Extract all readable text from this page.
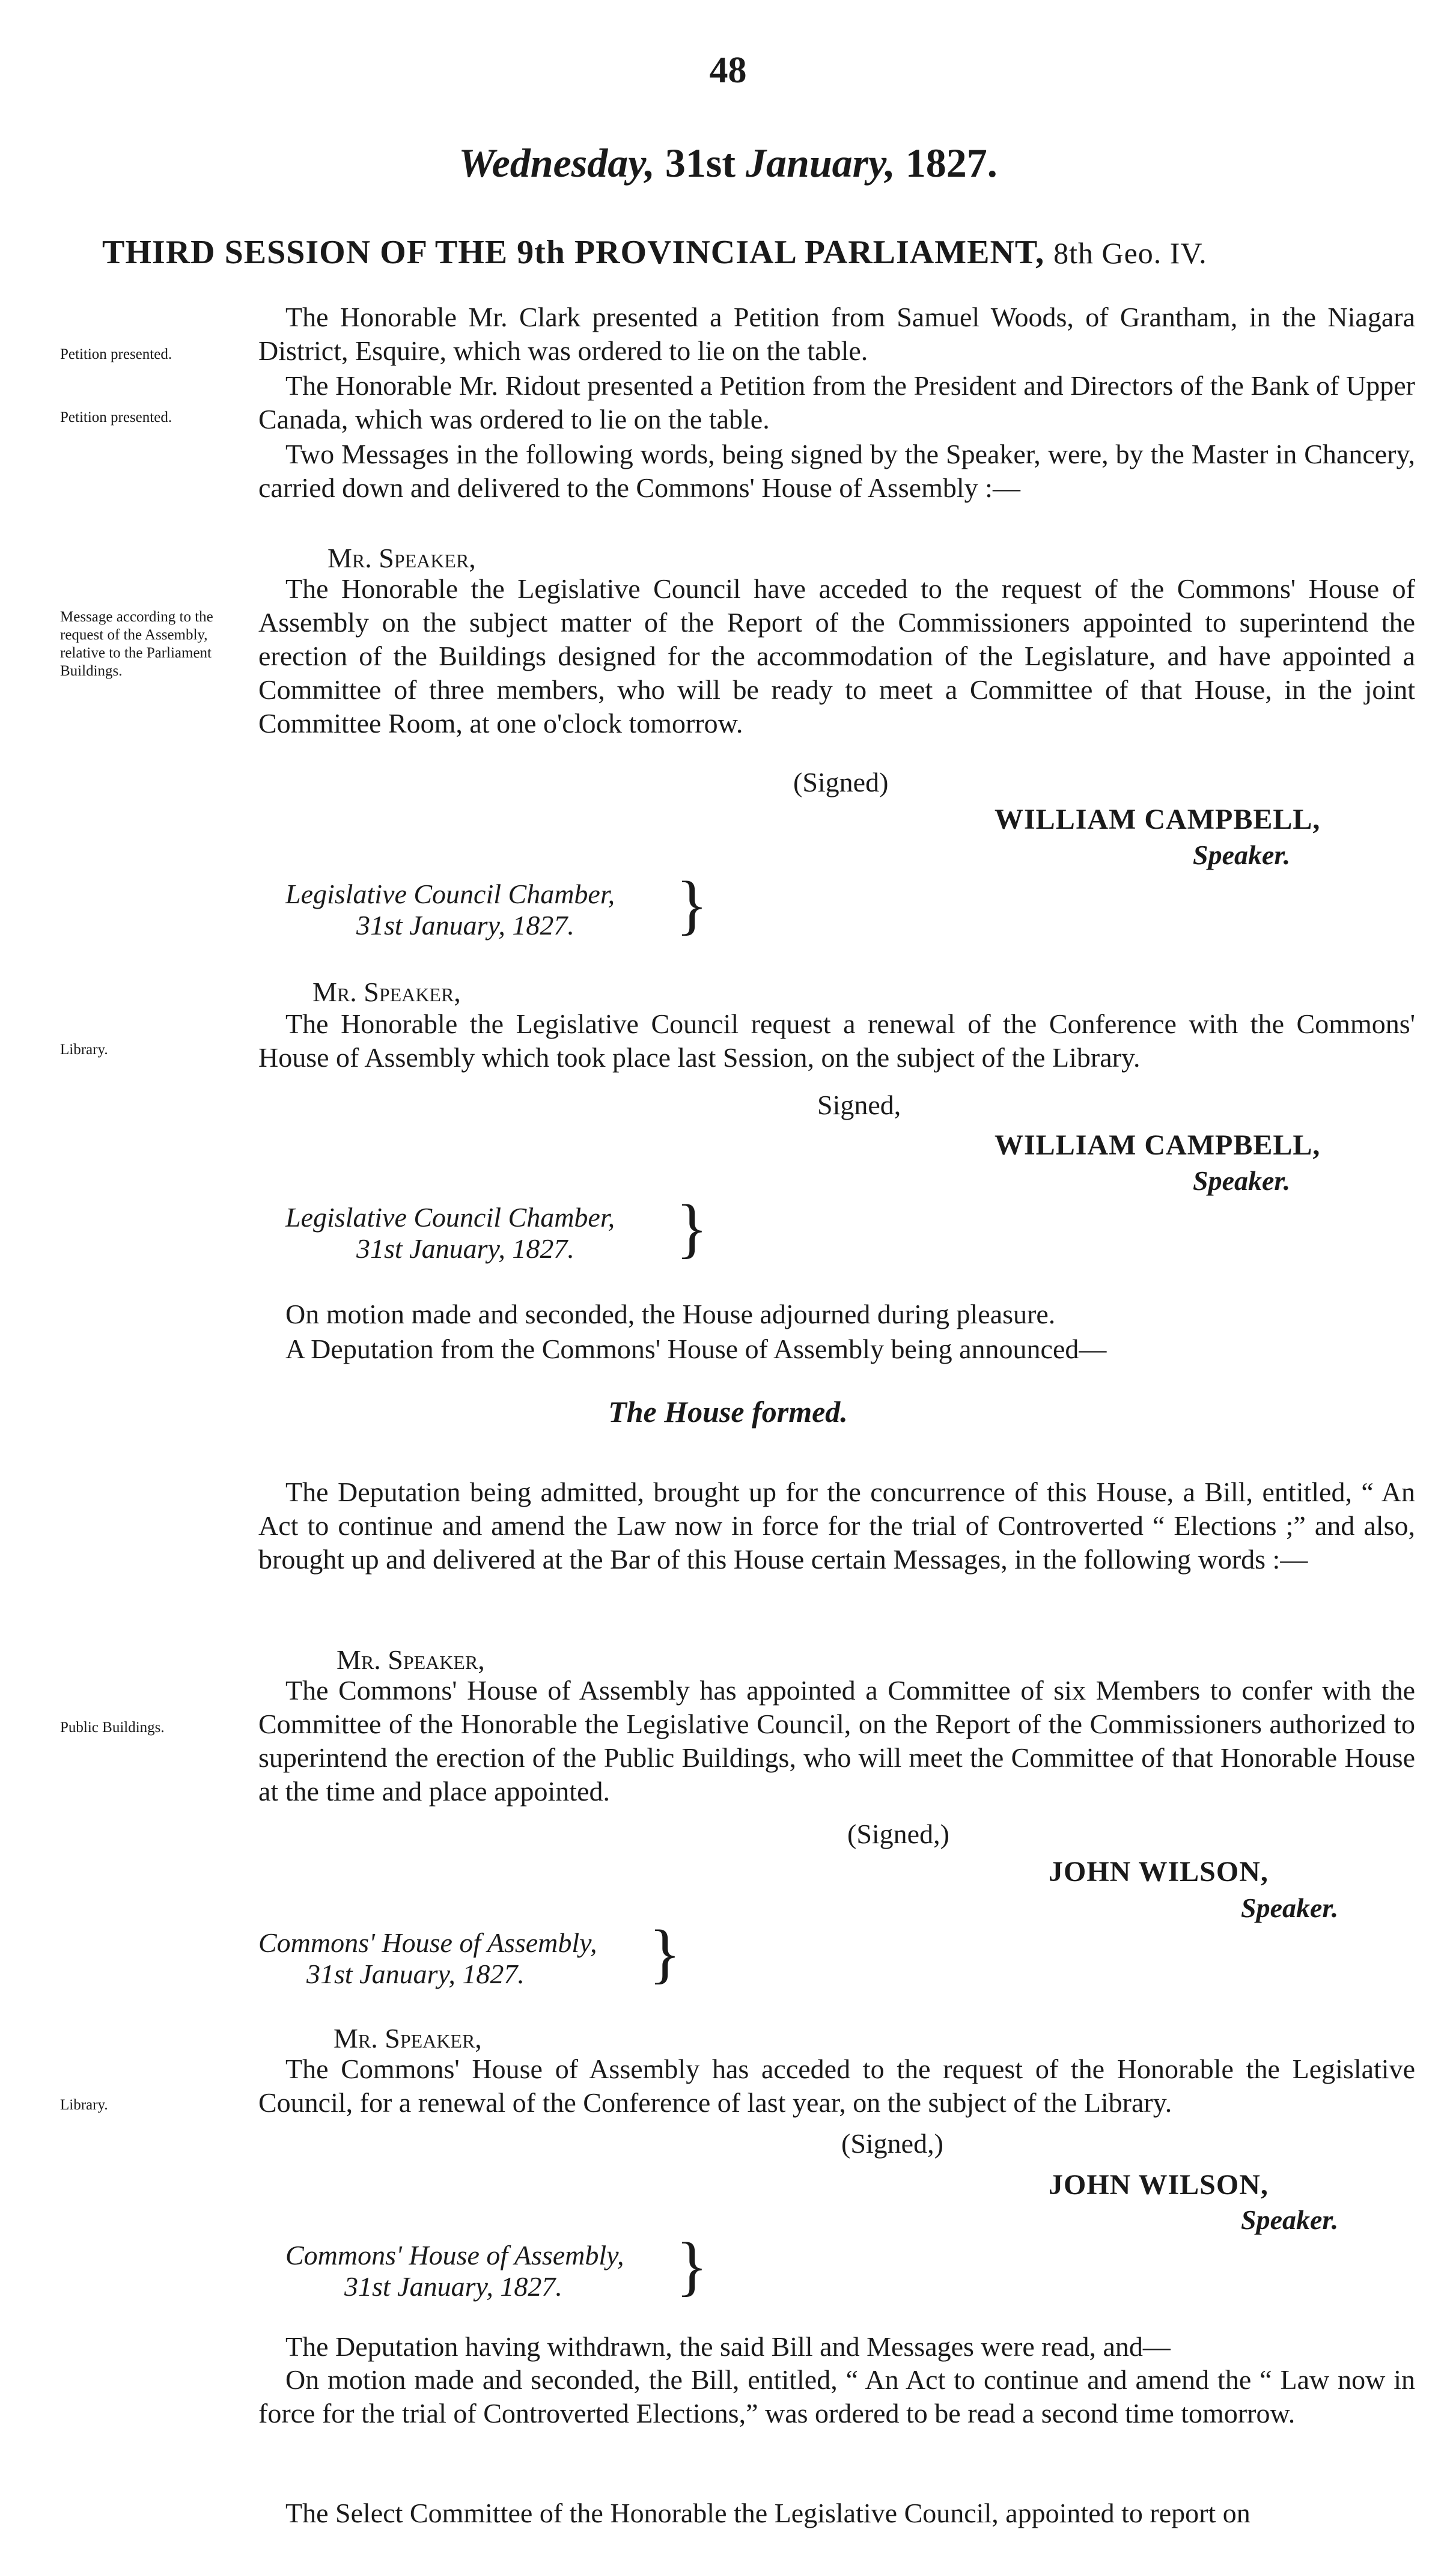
48
Wednesday, 31st January, 1827.
THIRD SESSION OF THE 9th PROVINCIAL PARLIAMENT, 8th Geo. IV.
Petition presented.
Petition presented.
Message according to the request of the Assembly, relative to the Parliament Buildings.
Library.
Public Buildings.
Library.
The Honorable Mr. Clark presented a Petition from Samuel Woods, of Grantham, in the Niagara District, Esquire, which was ordered to lie on the table.
The Honorable Mr. Ridout presented a Petition from the President and Directors of the Bank of Upper Canada, which was ordered to lie on the table.
Two Messages in the following words, being signed by the Speaker, were, by the Master in Chancery, carried down and delivered to the Commons' House of Assembly :—
Mr. Speaker,
The Honorable the Legislative Council have acceded to the request of the Commons' House of Assembly on the subject matter of the Report of the Commissioners appointed to superintend the erection of the Buildings designed for the accommodation of the Legislature, and have appointed a Committee of three members, who will be ready to meet a Committee of that House, in the joint Committee Room, at one o'clock tomorrow.
(Signed)
WILLIAM CAMPBELL,
Speaker.
Legislative Council Chamber,
31st January, 1827.	}
Mr. Speaker,
The Honorable the Legislative Council request a renewal of the Conference with the Commons' House of Assembly which took place last Session, on the subject of the Library.
Signed,
WILLIAM CAMPBELL,
Speaker.
Legislative Council Chamber,
31st January, 1827.	}
On motion made and seconded, the House adjourned during pleasure.
A Deputation from the Commons' House of Assembly being announced—
The House formed.
The Deputation being admitted, brought up for the concurrence of this House, a Bill, entitled, “ An Act to continue and amend the Law now in force for the trial of Controverted “ Elections ;” and also, brought up and delivered at the Bar of this House certain Messages, in the following words :—
Mr. Speaker,
The Commons' House of Assembly has appointed a Committee of six Members to confer with the Committee of the Honorable the Legislative Council, on the Report of the Commissioners authorized to superintend the erection of the Public Buildings, who will meet the Committee of that Honorable House at the time and place appointed.
(Signed,)
JOHN WILSON,
Speaker.
Commons' House of Assembly,
31st January, 1827.	}
Mr. Speaker,
The Commons' House of Assembly has acceded to the request of the Honorable the Legislative Council, for a renewal of the Conference of last year, on the subject of the Library.
(Signed,)
JOHN WILSON,
Speaker.
Commons' House of Assembly,
31st January, 1827.	}
The Deputation having withdrawn, the said Bill and Messages were read, and—
On motion made and seconded, the Bill, entitled, “ An Act to continue and amend the “ Law now in force for the trial of Controverted Elections,” was ordered to be read a second time tomorrow.
The Select Committee of the Honorable the Legislative Council, appointed to report on
